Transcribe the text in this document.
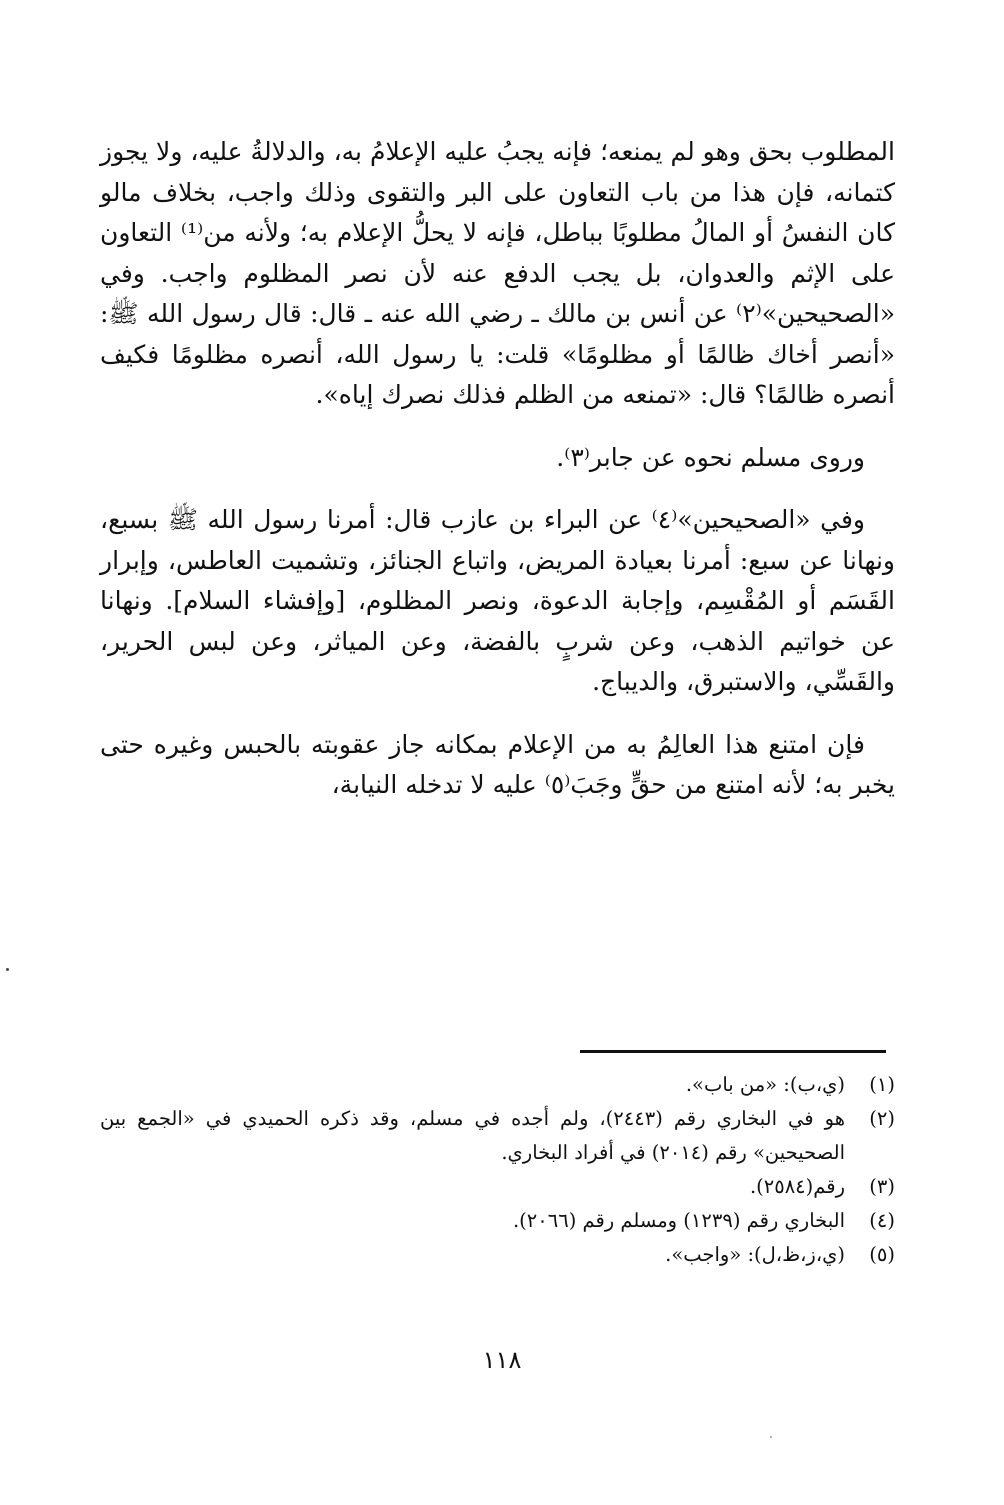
المطلوب بحق وهو لم يمنعه؛ فإنه يجبُ عليه الإعلامُ به، والدلالةُ عليه، ولا يجوز كتمانه، فإن هذا من باب التعاون على البر والتقوى وذلك واجب، بخلاف مالو كان النفسُ أو المالُ مطلوبًا بباطل، فإنه لا يحلُّ الإعلام به؛ ولأنه من⁽¹⁾ التعاون على الإثم والعدوان، بل يجب الدفع عنه لأن نصر المظلوم واجب. وفي «الصحيحين»⁽٢⁾ عن أنس بن مالك ـ رضي الله عنه ـ قال: قال رسول الله ﷺ: «أنصر أخاك ظالمًا أو مظلومًا» قلت: يا رسول الله، أنصره مظلومًا فكيف أنصره ظالمًا؟ قال: «تمنعه من الظلم فذلك نصرك إياه».

وروى مسلم نحوه عن جابر⁽٣⁾.

وفي «الصحيحين»⁽٤⁾ عن البراء بن عازب قال: أمرنا رسول الله ﷺ بسبع، ونهانا عن سبع: أمرنا بعيادة المريض، واتباع الجنائز، وتشميت العاطس، وإبرار القَسَم أو المُقْسِم، وإجابة الدعوة، ونصر المظلوم، [وإفشاء السلام]. ونهانا عن خواتيم الذهب، وعن شربٍ بالفضة، وعن المياثر، وعن لبس الحرير، والقَسِّي، والاستبرق، والديباج.

فإن امتنع هذا العالِمُ به من الإعلام بمكانه جاز عقوبته بالحبس وغيره حتى يخبر به؛ لأنه امتنع من حقٍّ وجَبَ⁽٥⁾ عليه لا تدخله النيابة،

(١)
(ي،ب): «من باب».
(٢)
هو في البخاري رقم (٢٤٤٣)، ولم أجده في مسلم، وقد ذكره الحميدي في «الجمع بين الصحيحين» رقم (٢٠١٤) في أفراد البخاري.
(٣)
رقم(٢٥٨٤).
(٤)
البخاري رقم (١٢٣٩) ومسلم رقم (٢٠٦٦).
(٥)
(ي،ز،ظ،ل): «واجب».
١١٨
